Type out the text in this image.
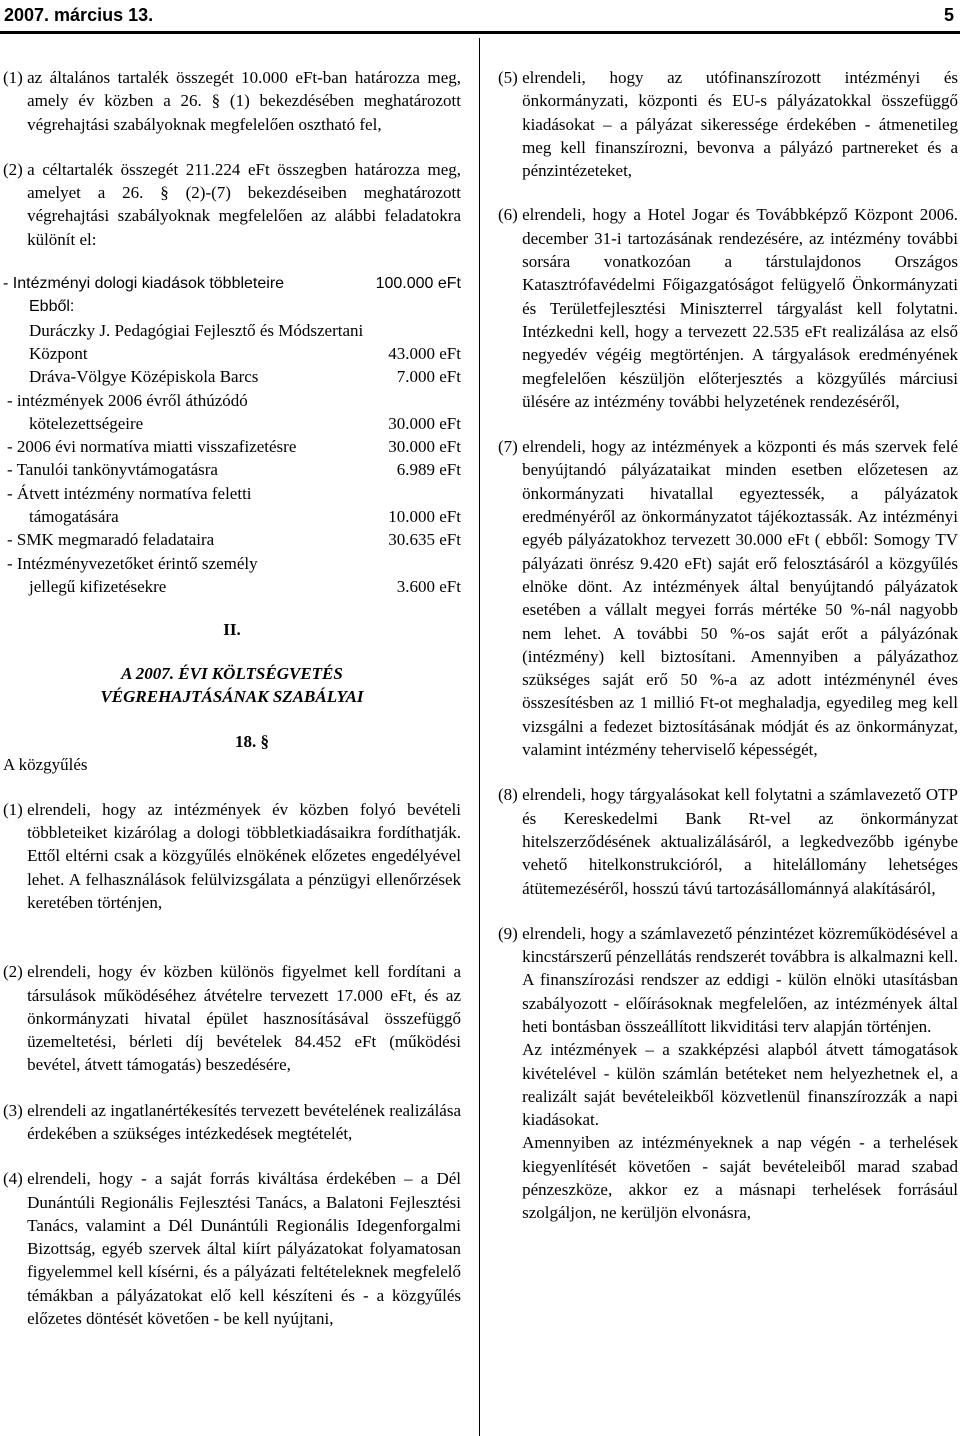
2007. március 13.	5
(1) az általános tartalék összegét 10.000 eFt-ban határozza meg, amely év közben a 26. § (1) bekezdésében meghatározott végrehajtási szabályoknak megfelelően osztható fel,
(2) a céltartalék összegét 211.224 eFt összegben határozza meg, amelyet a 26. § (2)-(7) bekezdéseiben meghatározott végrehajtási szabályoknak megfelelően az alábbi feladatokra különít el:
- Intézményi dologi kiadások többleteire	100.000 eFt
Ebből:
Duráczky J. Pedagógiai Fejlesztő és Módszertani
Központ	43.000 eFt
Dráva-Völgye Középiskola Barcs	7.000 eFt
- intézmények 2006 évről áthúzódó
kötelezettségeire	30.000 eFt
- 2006 évi normatíva miatti visszafizetésre	30.000 eFt
- Tanulói tankönyvtámogatásra	6.989 eFt
- Átvett intézmény normatíva feletti
támogatására	10.000 eFt
- SMK megmaradó feladataira	30.635 eFt
- Intézményvezetőket érintő személy
jellegű kifizetésekre	3.600 eFt
II.
A 2007. ÉVI KÖLTSÉGVETÉS
VÉGREHAJTÁSÁNAK SZABÁLYAI
18. §
A közgyűlés
(1) elrendeli, hogy az intézmények év közben folyó bevételi többleteiket kizárólag a dologi többletkiadásaikra fordíthatják. Ettől eltérni csak a közgyűlés elnökének előzetes engedélyével lehet. A felhasználások felülvizsgálata a pénzügyi ellenőrzések keretében történjen,
(2) elrendeli, hogy év közben különös figyelmet kell fordítani a társulások működéséhez átvételre tervezett 17.000 eFt, és az önkormányzati hivatal épület hasznosításával összefüggő üzemeltetési, bérleti díj bevételek 84.452 eFt (működési bevétel, átvett támogatás) beszedésére,
(3) elrendeli az ingatlanértékesítés tervezett bevételének realizálása érdekében a szükséges intézkedések megtételét,
(4) elrendeli, hogy - a saját forrás kiváltása érdekében – a Dél Dunántúli Regionális Fejlesztési Tanács, a Balatoni Fejlesztési Tanács, valamint a Dél Dunántúli Regionális Idegenforgalmi Bizottság, egyéb szervek által kiírt pályázatokat folyamatosan figyelemmel kell kísérni, és a pályázati feltételeknek megfelelő témákban a pályázatokat elő kell készíteni és - a közgyűlés előzetes döntését követően - be kell nyújtani,
(5) elrendeli, hogy az utófinanszírozott intézményi és önkormányzati, központi és EU-s pályázatokkal összefüggő kiadásokat – a pályázat sikeressége érdekében - átmenetileg meg kell finanszírozni, bevonva a pályázó partnereket és a pénzintézeteket,
(6) elrendeli, hogy a Hotel Jogar és Továbbképző Központ 2006. december 31-i tartozásának rendezésére, az intézmény további sorsára vonatkozóan a társtulajdonos Országos Katasztrófavédelmi Főigazgatóságot felügyelő Önkormányzati és Területfejlesztési Miniszterrel tárgyalást kell folytatni. Intézkedni kell, hogy a tervezett 22.535 eFt realizálása az első negyedév végéig megtörténjen. A tárgyalások eredményének megfelelően készüljön előterjesztés a közgyűlés márciusi ülésére az intézmény további helyzetének rendezéséről,
(7) elrendeli, hogy az intézmények a központi és más szervek felé benyújtandó pályázataikat minden esetben előzetesen az önkormányzati hivatallal egyeztessék, a pályázatok eredményéről az önkormányzatot tájékoztassák. Az intézményi egyéb pályázatokhoz tervezett 30.000 eFt ( ebből: Somogy TV pályázati önrész 9.420 eFt) saját erő felosztásáról a közgyűlés elnöke dönt. Az intézmények által benyújtandó pályázatok esetében a vállalt megyei forrás mértéke 50 %-nál nagyobb nem lehet. A további 50 %-os saját erőt a pályázónak (intézmény) kell biztosítani. Amennyiben a pályázathoz szükséges saját erő 50 %-a az adott intézménynél éves összesítésben az 1 millió Ft-ot meghaladja, egyedileg meg kell vizsgálni a fedezet biztosításának módját és az önkormányzat, valamint intézmény teherviselő képességét,
(8) elrendeli, hogy tárgyalásokat kell folytatni a számlavezető OTP és Kereskedelmi Bank Rt-vel az önkormányzat hitelszerződésének aktualizálásáról, a legkedvezőbb igénybe vehető hitelkonstrukcióról, a hitelállomány lehetséges átütemezéséről, hosszú távú tartozásállománnyá alakításáról,
(9) elrendeli, hogy a számlavezető pénzintézet közreműködésével a kincstárszerű pénzellátás rendszerét továbbra is alkalmazni kell. A finanszírozási rendszer az eddigi - külön elnöki utasításban szabályozott - előírásoknak megfelelően, az intézmények által heti bontásban összeállított likviditási terv alapján történjen.
Az intézmények – a szakképzési alapból átvett támogatások kivételével - külön számlán betéteket nem helyezhetnek el, a realizált saját bevételeikből közvetlenül finanszírozzák a napi kiadásokat.
Amennyiben az intézményeknek a nap végén - a terhelések kiegyenlítését követően - saját bevételeiből marad szabad pénzeszköze, akkor ez a másnapi terhelések forrásául szolgáljon, ne kerüljön elvonásra,
